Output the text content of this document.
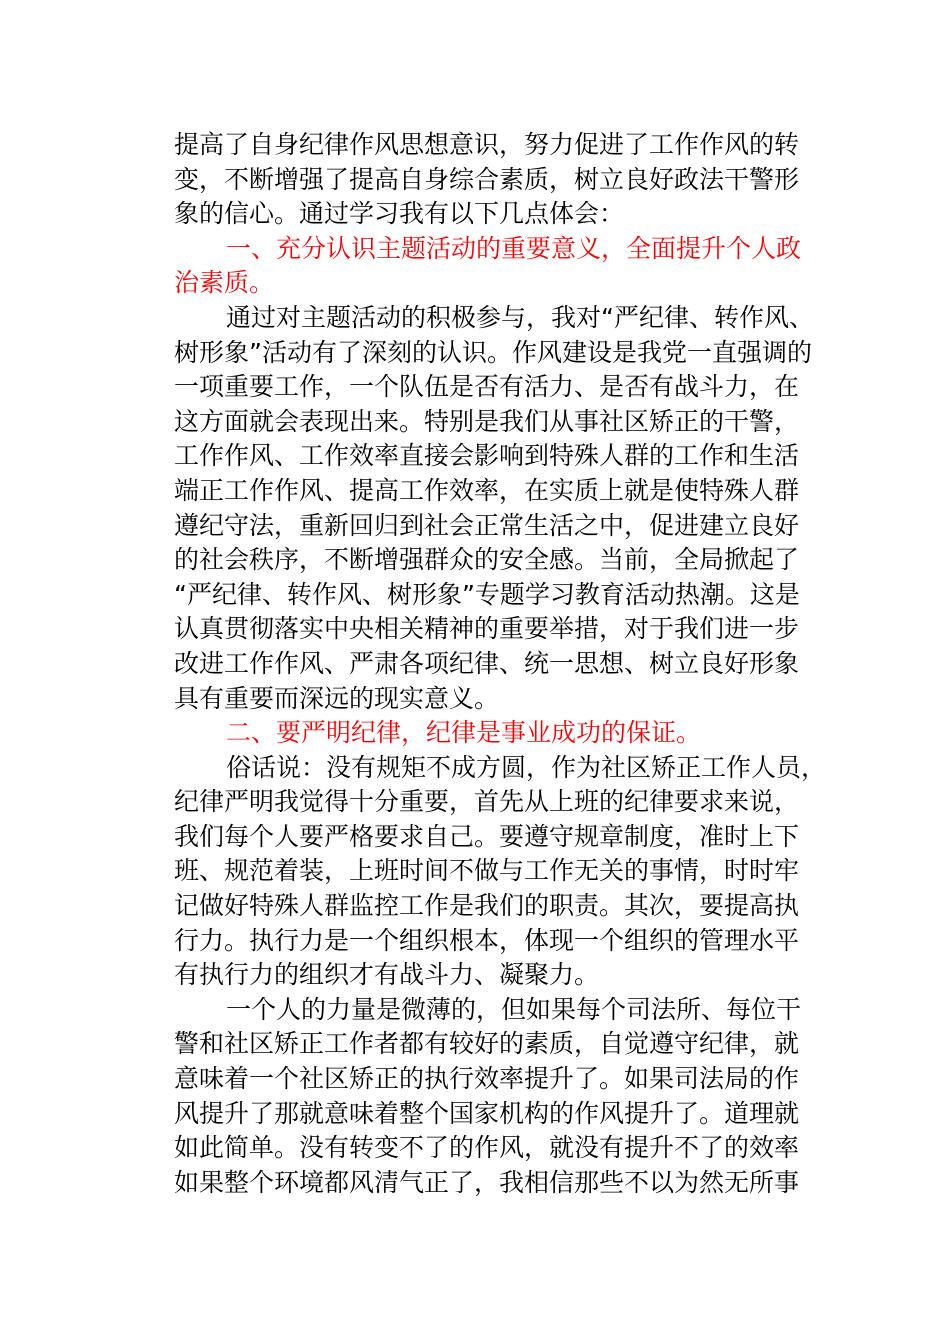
提高了自身纪律作风思想意识，努力促进了工作作风的转
变，不断增强了提高自身综合素质，树立良好政法干警形
象的信心。通过学习我有以下几点体会：
一、充分认识主题活动的重要意义，全面提升个人政
治素质。
通过对主题活动的积极参与，我对“严纪律、转作风、
树形象”活动有了深刻的认识。作风建设是我党一直强调的
一项重要工作，一个队伍是否有活力、是否有战斗力，在
这方面就会表现出来。特别是我们从事社区矫正的干警，
工作作风、工作效率直接会影响到特殊人群的工作和生活
端正工作作风、提高工作效率，在实质上就是使特殊人群
遵纪守法，重新回归到社会正常生活之中，促进建立良好
的社会秩序，不断增强群众的安全感。当前，全局掀起了
“严纪律、转作风、树形象”专题学习教育活动热潮。这是
认真贯彻落实中央相关精神的重要举措，对于我们进一步
改进工作作风、严肃各项纪律、统一思想、树立良好形象
具有重要而深远的现实意义。
二、要严明纪律，纪律是事业成功的保证。
俗话说：没有规矩不成方圆，作为社区矫正工作人员，
纪律严明我觉得十分重要，首先从上班的纪律要求来说，
我们每个人要严格要求自己。要遵守规章制度，准时上下
班、规范着装，上班时间不做与工作无关的事情，时时牢
记做好特殊人群监控工作是我们的职责。其次，要提高执
行力。执行力是一个组织根本，体现一个组织的管理水平
有执行力的组织才有战斗力、凝聚力。
一个人的力量是微薄的，但如果每个司法所、每位干
警和社区矫正工作者都有较好的素质，自觉遵守纪律，就
意味着一个社区矫正的执行效率提升了。如果司法局的作
风提升了那就意味着整个国家机构的作风提升了。道理就
如此简单。没有转变不了的作风，就没有提升不了的效率
如果整个环境都风清气正了，我相信那些不以为然无所事
